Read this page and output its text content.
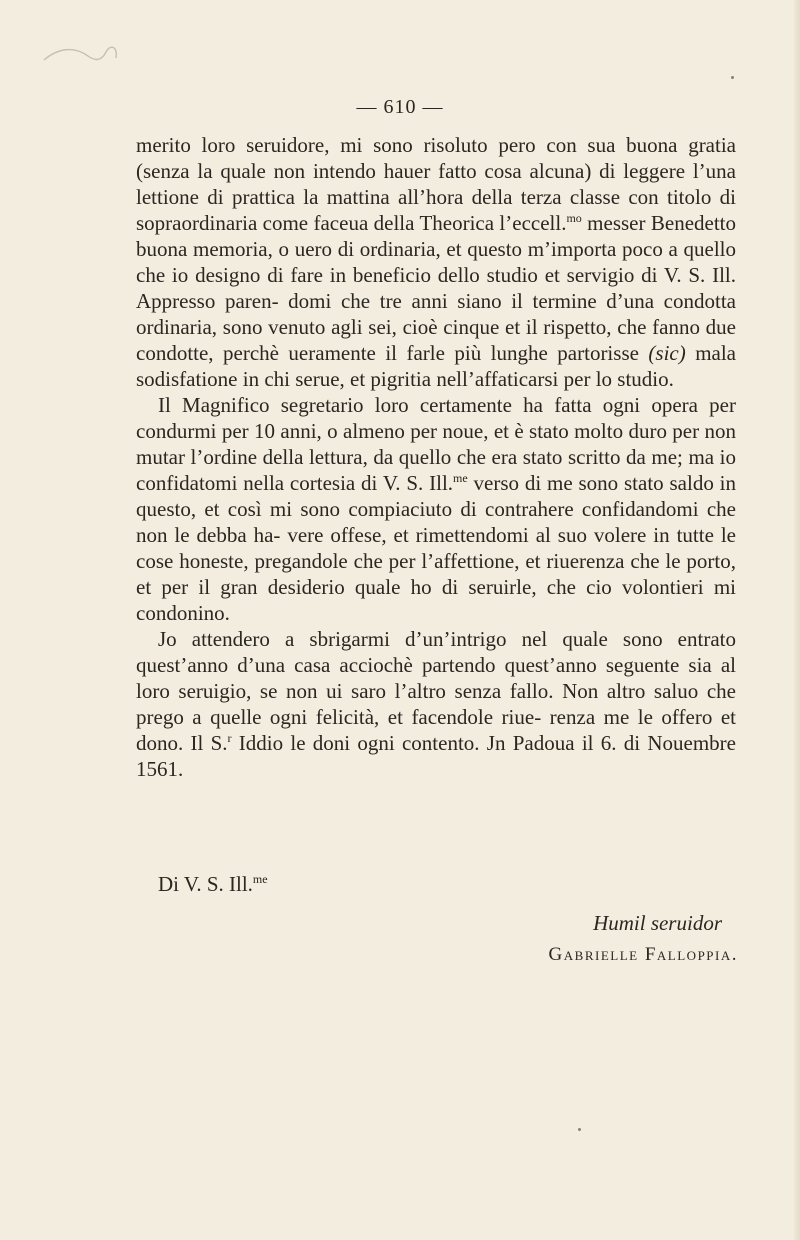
— 610 —

merito loro seruidore, mi sono risoluto pero con sua buona gratia (senza la quale non intendo hauer fatto cosa alcuna) di leggere l’una lettione di prattica la mattina all’hora della terza classe con titolo di sopraordinaria come faceua della Theorica l’eccell.$^{mo}$ messer Benedetto buona memoria, o uero di ordinaria, et questo m’importa poco a quello che io designo di fare in beneficio dello studio et servigio di V. S. Ill. Appresso paren- domi che tre anni siano il termine d’una condotta ordinaria, sono venuto agli sei, cioè cinque et il rispetto, che fanno due condotte, perchè ueramente il farle più lunghe partorisse (sic) mala sodisfatione in chi serue, et pigritia nell’affaticarsi per lo studio.

Il Magnifico segretario loro certamente ha fatta ogni opera per condurmi per 10 anni, o almeno per noue, et è stato molto duro per non mutar l’ordine della lettura, da quello che era stato scritto da me; ma io confidatomi nella cortesia di V. S. Ill.$^{me}$ verso di me sono stato saldo in questo, et così mi sono compiaciuto di contrahere confidandomi che non le debba ha- vere offese, et rimettendomi al suo volere in tutte le cose honeste, pregandole che per l’affettione, et riuerenza che le porto, et per il gran desiderio quale ho di seruirle, che cio volontieri mi condonino.

Jo attendero a sbrigarmi d’un’intrigo nel quale sono entrato quest’anno d’una casa acciochè partendo quest’anno seguente sia al loro seruigio, se non ui saro l’altro senza fallo. Non altro saluo che prego a quelle ogni felicità, et facendole riue- renza me le offero et dono. Il S.$^r$ Iddio le doni ogni contento. Jn Padoua il 6. di Nouembre 1561.

Di V. S. Ill.$^{me}$
Humil seruidor
Gabrielle Falloppia.
